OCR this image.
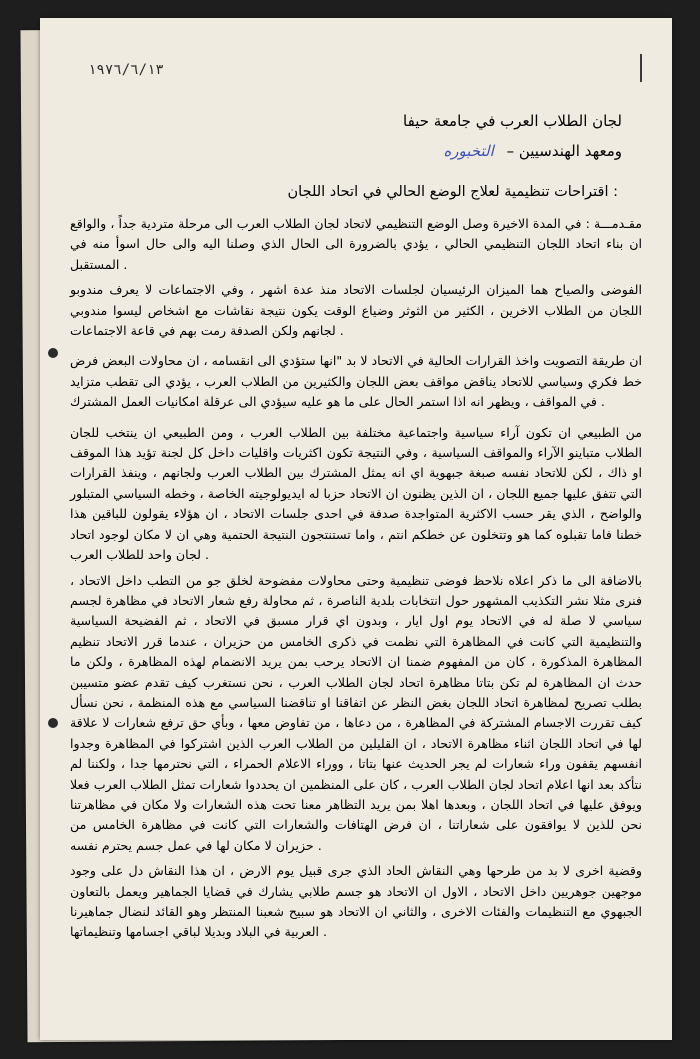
١٩٧٦/٦/١٣
لجان الطلاب العرب في جامعة حيفا
ومعهد الهندسيين – التخبوره
اقتراحات تنظيمية لعلاج الوضع الحالي في اتحاد اللجان :

مقـدمـــة : في المدة الاخيرة وصل الوضع التنظيمي لاتحاد لجان الطلاب العرب الى مرحلة متردية جداً ، والواقع ان بناء اتحاد اللجان التنظيمي الحالي ، يؤدي بالضرورة الى الحال الذي وصلنا اليه والى حال اسوأ منه في المستقبل .

الفوضى والصياح هما الميزان الرئيسيان لجلسات الاتحاد منذ عدة اشهر ، وفي الاجتماعات لا يعرف مندوبو اللجان من الطلاب الاخرين ، الكثير من الثوثر وضياع الوقت يكون نتيجة نقاشات مع اشخاص ليسوا مندوبي لجانهم ولكن الصدفة رمت بهم في قاعة الاجتماعات .

ان طريقة التصويت واخذ القرارات الحالية في الاتحاد لا بد "انها ستؤدي الى انقسامه ، ان محاولات البعض فرض خط فكري وسياسي للاتحاد يناقض مواقف بعض اللجان والكثيرين من الطلاب العرب ، يؤدي الى تقطب متزايد في المواقف ، ويظهر انه اذا استمر الحال على ما هو عليه سيؤدي الى عرقلة امكانيات العمل المشترك .

من الطبيعي ان تكون آراء سياسية واجتماعية مختلفة بين الطلاب العرب ، ومن الطبيعي ان ينتخب للجان الطلاب متباينو الآراء والمواقف السياسية ، وفي النتيجة تكون اكثريات واقليات داخل كل لجنة تؤيد هذا الموقف او ذاك ، لكن للاتحاد نفسه صبغة جبهوية اي انه يمثل المشترك بين الطلاب العرب ولجانهم ، وينفذ القرارات التي تتفق عليها جميع اللجان ، ان الذين يظنون ان الاتحاد حزبا له ايديولوجيته الخاصة ، وخطه السياسي المتبلور والواضح ، الذي يقر حسب الاكثرية المتواجدة صدفة في احدى جلسات الاتحاد ، ان هؤلاء يقولون للباقين هذا خطنا فاما تقبلوه كما هو وتتخلون عن خطكم انتم ، واما تستنتجون النتيجة الحتمية وهي ان لا مكان لوجود اتحاد لجان واحد للطلاب العرب .

بالاضافة الى ما ذكر اعلاه نلاحظ فوضى تنظيمية وحتى محاولات مفضوحة لخلق جو من التطب داخل الاتحاد ، فنرى مثلا نشر التكذيب المشهور حول انتخابات بلدية الناصرة ، ثم محاولة رفع شعار الاتحاد في مظاهرة لجسم سياسي لا صلة له في الاتحاد يوم اول ايار ، وبدون اي قرار مسبق في الاتحاد ، ثم الفضيحة السياسية والتنظيمية التي كانت في المظاهرة التي نظمت في ذكرى الخامس من حزيران ، عندما قرر الاتحاد تنظيم المظاهرة المذكورة ، كان من المفهوم ضمنا ان الاتحاد يرحب بمن يريد الانضمام لهذه المظاهرة ، ولكن ما حدث ان المظاهرة لم تكن بتاتا مظاهرة اتحاد لجان الطلاب العرب ، نحن نستغرب كيف تقدم عضو متسيبن بطلب تصريح لمظاهرة اتحاد اللجان بغض النظر عن اتفاقنا او تناقضنا السياسي مع هذه المنظمة ، نحن نسأل كيف تقررت الاجسام المشتركة في المظاهرة ، من دعاها ، من تفاوض معها ، وبأي حق ترفع شعارات لا علاقة لها في اتحاد اللجان اثناء مظاهرة الاتحاد ، ان القليلين من الطلاب العرب الذين اشتركوا في المظاهرة وجدوا انفسهم يقفون وراء شعارات لم يجر الحديث عنها بتاتا ، ووراء الاعلام الحمراء ، التي نحترمها جدا ، ولكننا لم نتأكد بعد انها اعلام اتحاد لجان الطلاب العرب ، كان على المنظمين ان يحددوا شعارات تمثل الطلاب العرب فعلا ويوفق عليها في اتحاد اللجان ، وبعدها اهلا بمن يريد التظاهر معنا تحت هذه الشعارات ولا مكان في مظاهرتنا نحن للذين لا يوافقون على شعاراتنا ، ان فرض الهتافات والشعارات التي كانت في مظاهرة الخامس من حزيران لا مكان لها في عمل جسم يحترم نفسه .

وقضية اخرى لا بد من طرحها وهي النقاش الحاد الذي جرى قبيل يوم الارض ، ان هذا النقاش دل على وجود موجهين جوهريين داخل الاتحاد ، الاول ان الاتحاد هو جسم طلابي يشارك في قضايا الجماهير ويعمل بالتعاون الجبهوي مع التنظيمات والفئات الاخرى ، والثاني ان الاتحاد هو سبيح شعبنا المنتظر وهو القائد لنضال جماهيرنا العربية في البلاد وبديلا لباقي اجسامها وتنظيماتها .
